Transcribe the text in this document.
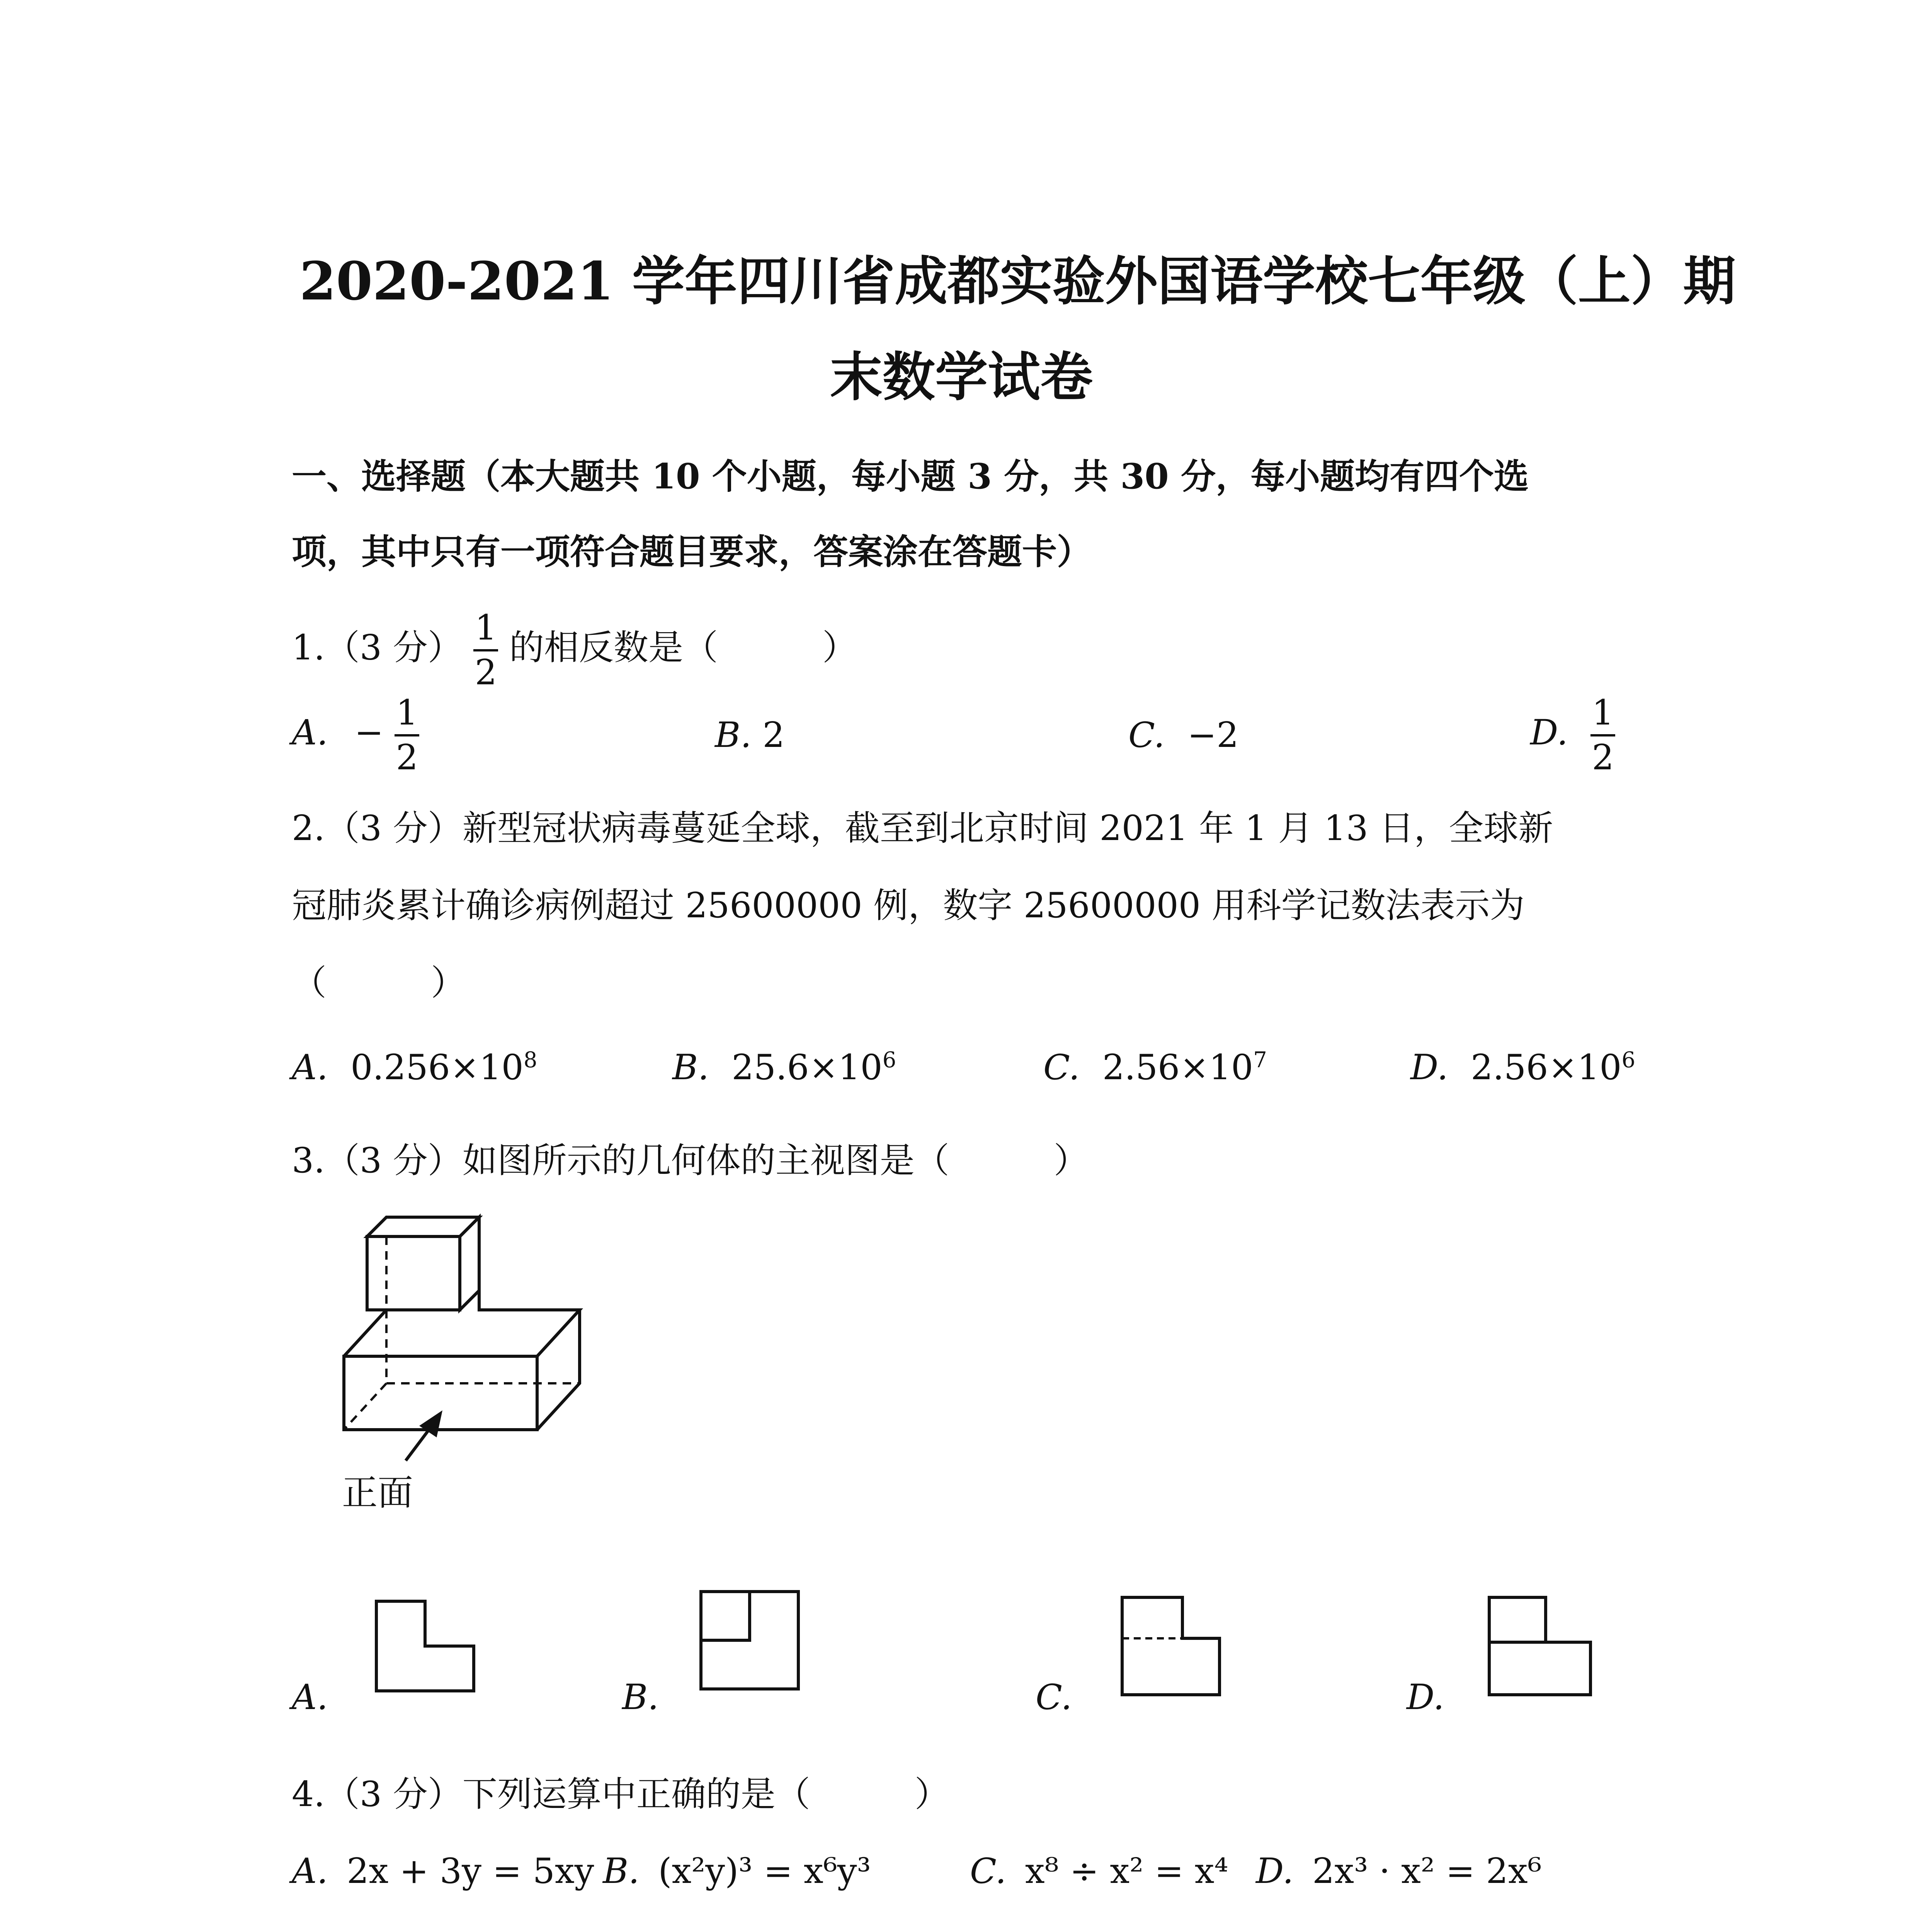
2020-2021 学年四川省成都实验外国语学校七年级（上）期
末数学试卷
一、选择题（本大题共 10 个小题，每小题 3 分，共 30 分，每小题均有四个选
项，其中只有一项符合题目要求，答案涂在答题卡）
1.（3 分） 1
2
的相反数是（　　　）
A. − 1
2
B. 2	C. −2	D. 1
2
2.（3 分）新型冠状病毒蔓延全球，截至到北京时间 2021 年 1 月 13 日，全球新
冠肺炎累计确诊病例超过 25600000 例，数字 25600000 用科学记数法表示为
（　　　）
A. $0.256\times 10^8$	B. $25.6\times 10^6$	C. $2.56\times 10^7$	D. $2.56\times 10^6$
3.（3 分）如图所示的几何体的主视图是（　　　）
正面
A.	B.	C.	D.
4.（3 分）下列运算中正确的是（　　　）
A. 2x + 3y = 5xy B. (x²y)³ = x⁶y³	C. x⁸ ÷ x² = x⁴ D. 2x³ · x² = 2x⁶
